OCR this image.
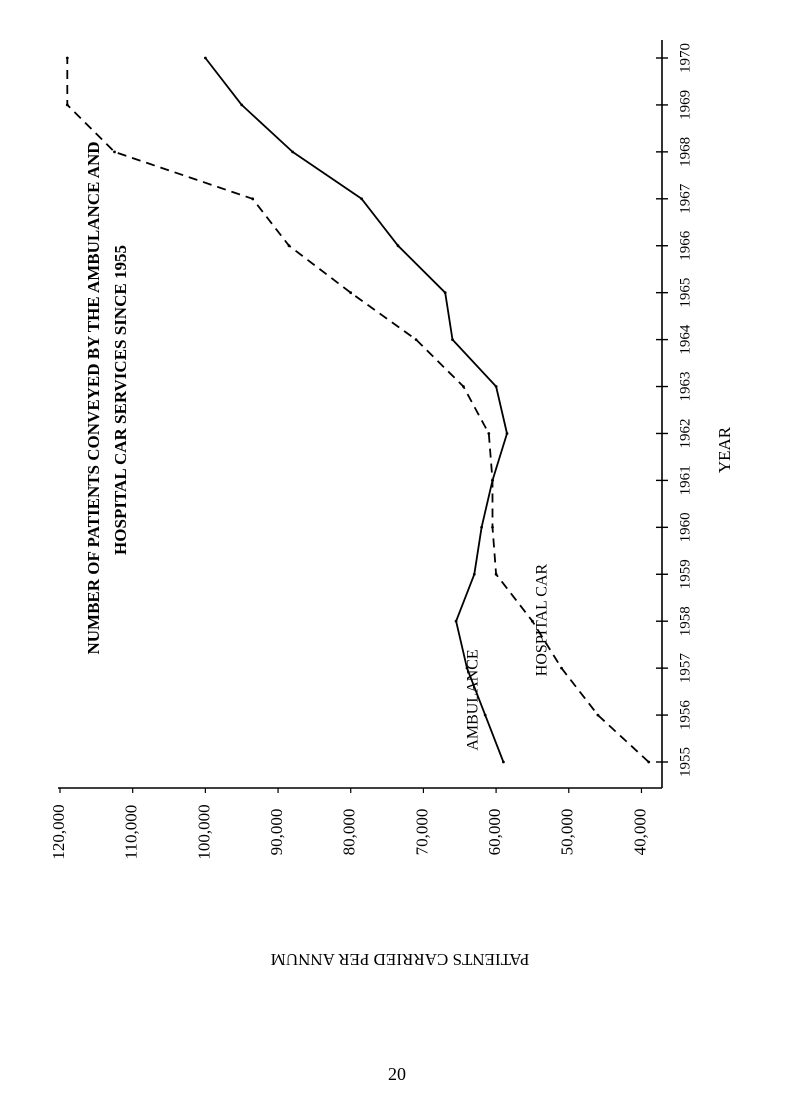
1955
1956
1957
1958
1959
1960
1961
1962
1963
1964
1965
1966
1967
1968
1969
1970
40,000
50,000
60,000
70,000
80,000
90,000
100,000
110,000
120,000
YEAR
PATIENTS CARRIED PER ANNUM
NUMBER OF PATIENTS CONVEYED BY THE AMBULANCE AND HOSPITAL CAR SERVICES SINCE 1955
AMBULANCE
HOSPITAL CAR
20
